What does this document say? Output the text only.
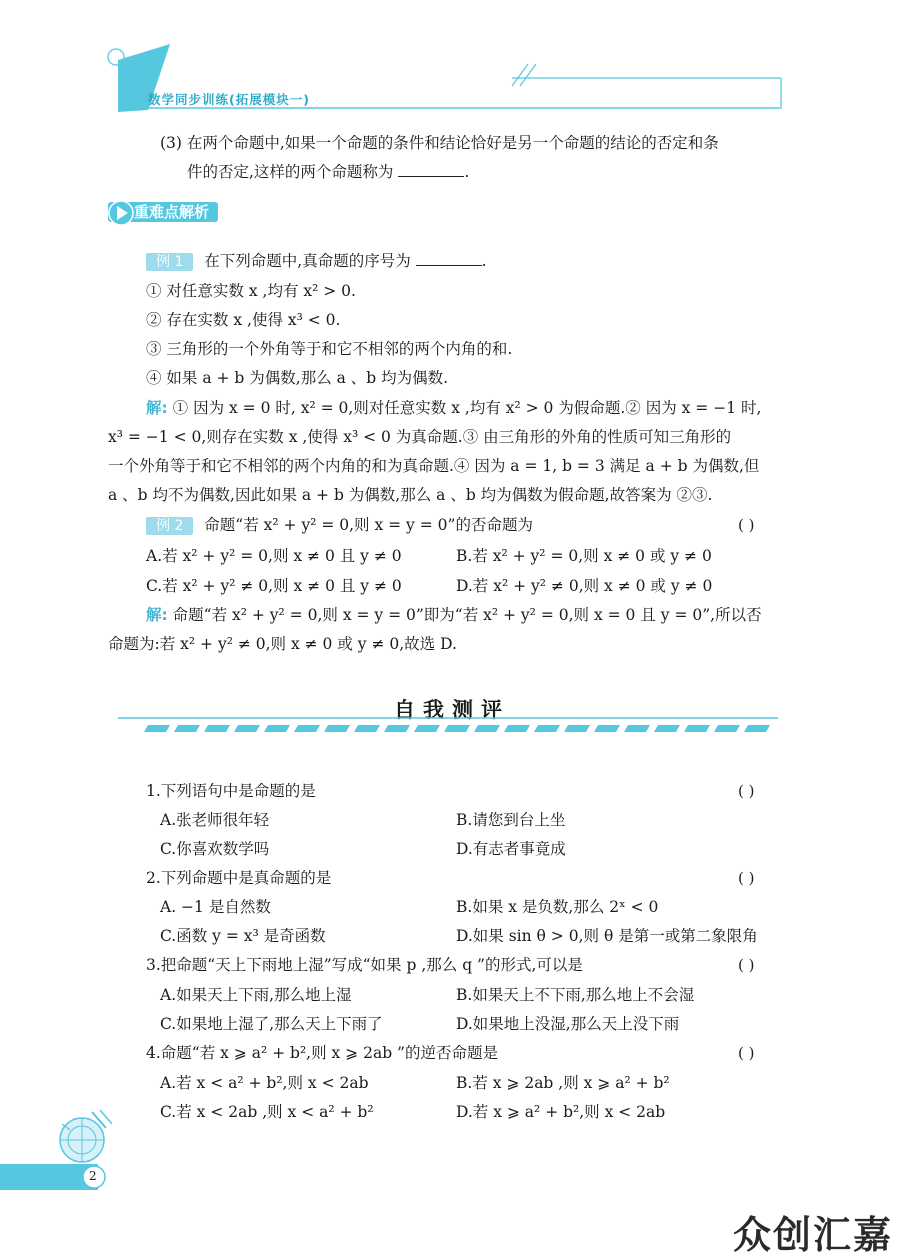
数学同步训练(拓展模块一)
(3) 在两个命题中,如果一个命题的条件和结论恰好是另一个命题的结论的否定和条
件的否定,这样的两个命题称为	.
重难点解析
例 1 在下列命题中,真命题的序号为	.
① 对任意实数 x ,均有 x² > 0.
② 存在实数 x ,使得 x³ < 0.
③ 三角形的一个外角等于和它不相邻的两个内角的和.
④ 如果 a + b 为偶数,那么 a 、b 均为偶数.
解: ① 因为 x = 0 时, x² = 0,则对任意实数 x ,均有 x² > 0 为假命题.② 因为 x = −1 时,
x³ = −1 < 0,则存在实数 x ,使得 x³ < 0 为真命题.③ 由三角形的外角的性质可知三角形的
一个外角等于和它不相邻的两个内角的和为真命题.④ 因为 a = 1, b = 3 满足 a + b 为偶数,但
a 、b 均不为偶数,因此如果 a + b 为偶数,那么 a 、b 均为偶数为假命题,故答案为 ②③.
例 2 命题“若 x² + y² = 0,则 x = y = 0”的否命题为	( )
A.若 x² + y² = 0,则 x ≠ 0 且 y ≠ 0	B.若 x² + y² = 0,则 x ≠ 0 或 y ≠ 0
C.若 x² + y² ≠ 0,则 x ≠ 0 且 y ≠ 0	D.若 x² + y² ≠ 0,则 x ≠ 0 或 y ≠ 0
解: 命题“若 x² + y² = 0,则 x = y = 0”即为“若 x² + y² = 0,则 x = 0 且 y = 0”,所以否
命题为:若 x² + y² ≠ 0,则 x ≠ 0 或 y ≠ 0,故选 D.
自我测评
1.下列语句中是命题的是	( )
A.张老师很年轻	B.请您到台上坐
C.你喜欢数学吗	D.有志者事竟成
2.下列命题中是真命题的是	( )
A. −1 是自然数	B.如果 x 是负数,那么 2ˣ < 0
C.函数 y = x³ 是奇函数	D.如果 sin θ > 0,则 θ 是第一或第二象限角
3.把命题“天上下雨地上湿”写成“如果 p ,那么 q ”的形式,可以是	( )
A.如果天上下雨,那么地上湿	B.如果天上不下雨,那么地上不会湿
C.如果地上湿了,那么天上下雨了	D.如果地上没湿,那么天上没下雨
4.命题“若 x ⩾ a² + b²,则 x ⩾ 2ab ”的逆否命题是	( )
A.若 x < a² + b²,则 x < 2ab	B.若 x ⩾ 2ab ,则 x ⩾ a² + b²
C.若 x < 2ab ,则 x < a² + b²	D.若 x ⩾ a² + b²,则 x < 2ab
2
众创汇嘉
